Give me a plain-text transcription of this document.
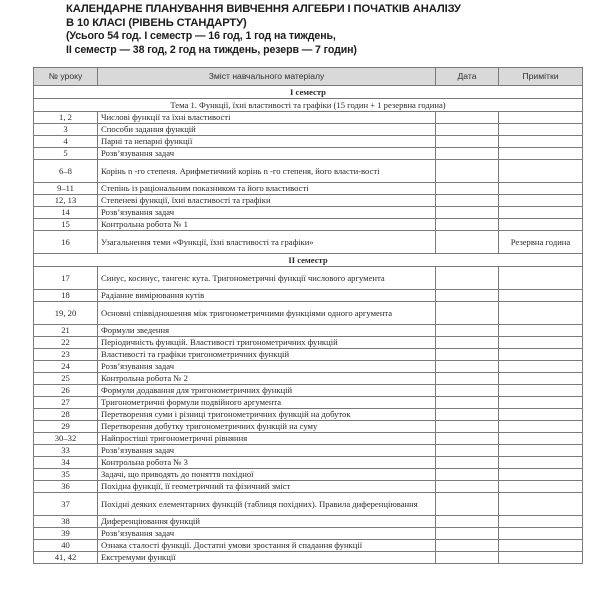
КАЛЕНДАРНЕ ПЛАНУВАННЯ ВИВЧЕННЯ АЛГЕБРИ І ПОЧАТКІВ АНАЛІЗУ
В 10 КЛАСІ (РІВЕНЬ СТАНДАРТУ)
(Усього 54 год. І семестр — 16 год, 1 год на тиждень,
II семестр — 38 год, 2 год на тиждень, резерв — 7 годин)
№ уроку	Зміст навчального матеріалу	Дата	Примітки
І семестр			
Тема 1. Функції, їхні властивості та графіки (15 годин + 1 резервна година)			
1, 2	Числові функції та їхні властивості		
3	Способи задання функцій		
4	Парні та непарні функції		
5	Розв’язування задач		
6–8	Корінь n -го степеня. Арифметичний корінь n -го степеня, його власти-вості		
9–11	Степінь із раціональним показником та його властивості		
12, 13	Степеневі функції, їхні властивості та графіки		
14	Розв’язування задач		
15	Контрольна робота № 1		
16	Узагальнення теми «Функції, їхні властивості та графіки»		Резервна година
ІІ семестр			
17	Синус, косинус, тангенс кута. Тригонометричні функції числового аргумента		
18	Радіанне вимірювання кутів		
19, 20	Основні співвідношення між тригонометричними функціями одного аргумента		
21	Формули зведення		
22	Періодичність функцій. Властивості тригонометричних функцій		
23	Властивості та графіки тригонометричних функцій		
24	Розв’язування задач		
25	Контрольна робота № 2		
26	Формули додавання для тригонометричних функцій		
27	Тригонометричні формули подвійного аргумента		
28	Перетворення суми і різниці тригонометричних функцій на добуток		
29	Перетворення добутку тригонометричних функцій на суму		
30–32	Найпростіші тригонометричні рівняння		
33	Розв’язування задач		
34	Контрольна робота № 3		
35	Задачі, що приводять до поняття похідної		
36	Похідна функції, її геометричний та фізичний зміст		
37	Похідні деяких елементарних функцій (таблиця похідних). Правила диференціювання		
38	Диференціювання функцій		
39	Розв’язування задач		
40	Ознака сталості функції. Достатні умови зростання й спадання функції		
41, 42	Екстремуми функції		
